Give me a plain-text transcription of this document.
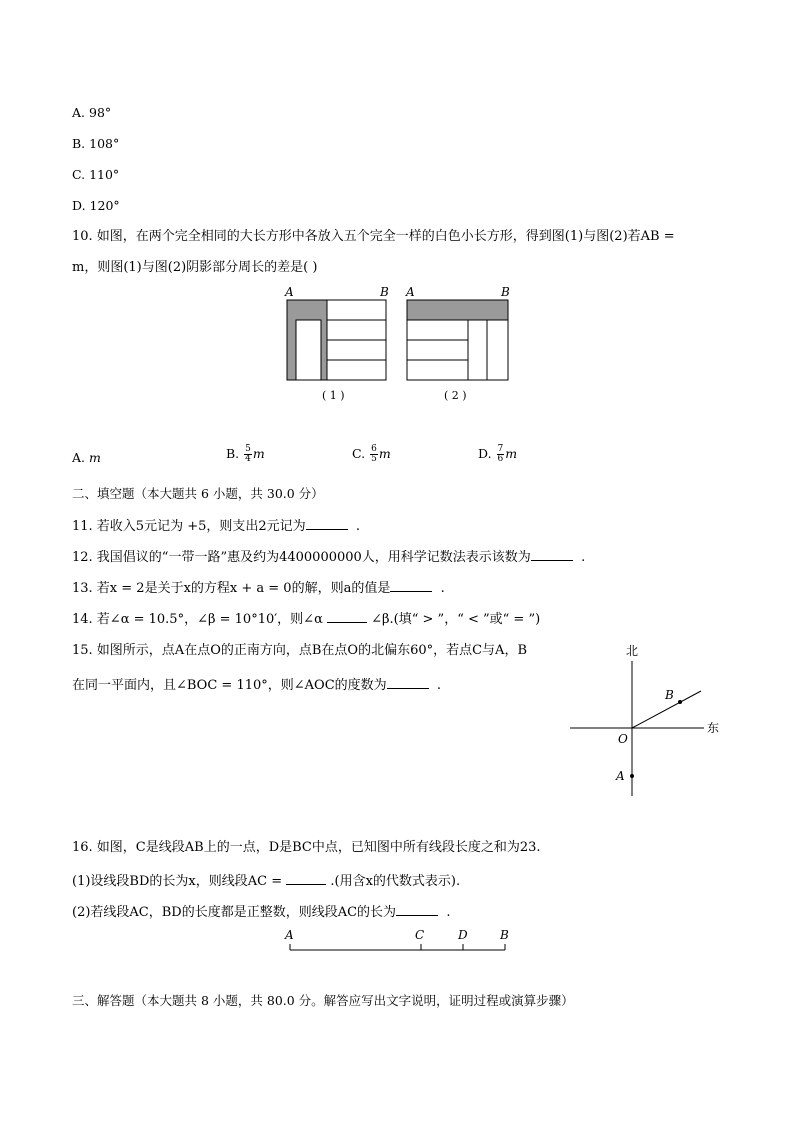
A. 98°
B. 108°
C. 110°
D. 120°
10. 如图，在两个完全相同的大长方形中各放入五个完全一样的白色小长方形，得到图(1)与图(2)若AB =
m，则图(1)与图(2)阴影部分周长的差是( )
A	B
( 1 )
A	B
( 2 )
A. m	B. $\frac{5}{4}$ m	C. $\frac{6}{5}$ m	D. $\frac{7}{6}$ m
二、填空题（本大题共 6 小题，共 30.0 分）
11. 若收入5元记为 +5，则支出2元记为	.
12. 我国倡议的“一带一路”惠及约为4400000000人，用科学记数法表示该数为	.
13. 若x = 2是关于x的方程x + a = 0的解，则a的值是	.
14. 若∠α = 10.5°，∠β = 10°10′，则∠α	∠β.(填“ > ”，“ < ”或“ = ”)
15. 如图所示，点A在点O的正南方向，点B在点O的北偏东60°，若点C与A，B
在同一平面内，且∠BOC = 110°，则∠AOC的度数为	.
北
东
O
A
B
16. 如图，C是线段AB上的一点，D是BC中点，已知图中所有线段长度之和为23.
(1)设线段BD的长为x，则线段AC =	.(用含x的代数式表示).
(2)若线段AC，BD的长度都是正整数，则线段AC的长为	.
A	C	D	B
三、解答题（本大题共 8 小题，共 80.0 分。解答应写出文字说明，证明过程或演算步骤）
